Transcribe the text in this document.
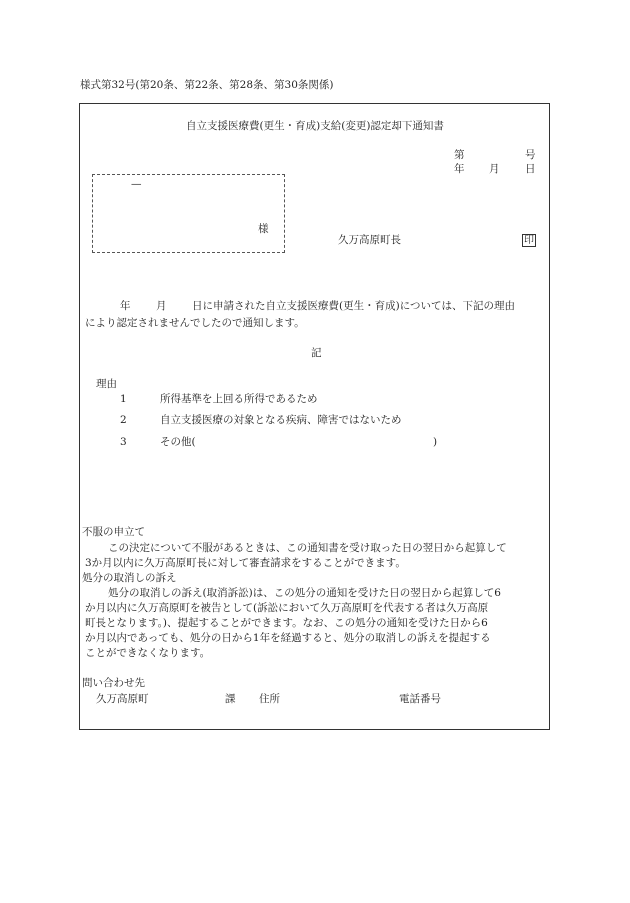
様式第32号(第20条、第22条、第28条、第30条関係)
自立支援医療費(更生・育成)支給(変更)認定却下通知書
第	号
年 月 日
—
様
久万高原町長	印
年 月 日に申請された自立支援医療費(更生・育成)については、下記の理由
により認定されませんでしたので通知します。
記
理由
1	所得基準を上回る所得であるため
2	自立支援医療の対象となる疾病、障害ではないため
3	その他(	)
不服の申立て
この決定について不服があるときは、この通知書を受け取った日の翌日から起算して
3か月以内に久万高原町長に対して審査請求をすることができます。
処分の取消しの訴え
処分の取消しの訴え(取消訴訟)は、この処分の通知を受けた日の翌日から起算して6
か月以内に久万高原町を被告として(訴訟において久万高原町を代表する者は久万高原
町長となります。)、提起することができます。なお、この処分の通知を受けた日から6
か月以内であっても、処分の日から1年を経過すると、処分の取消しの訴えを提起する
ことができなくなります。
問い合わせ先
久万高原町	課 住所	電話番号
